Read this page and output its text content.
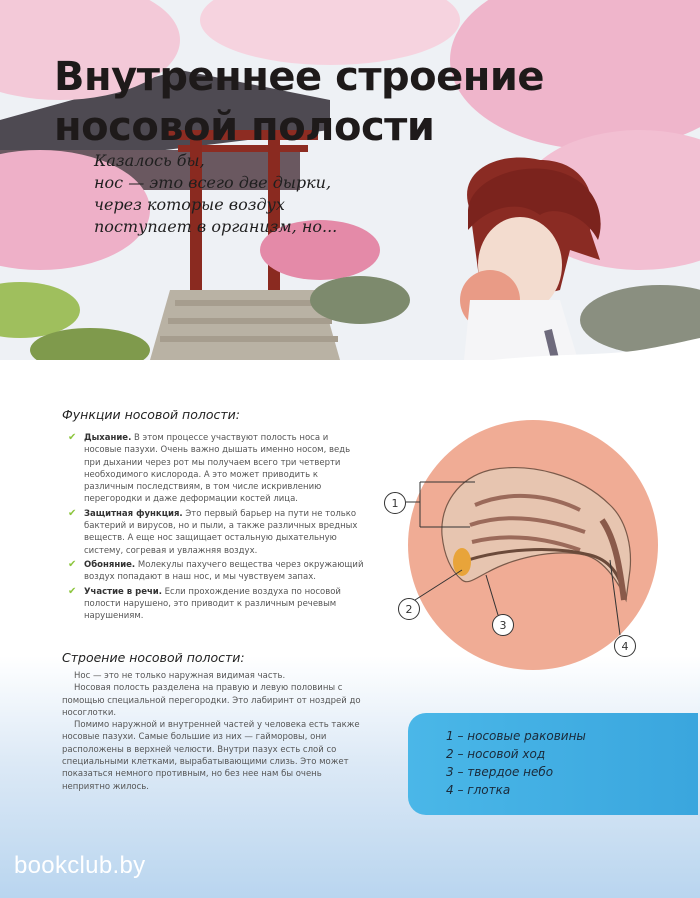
Внутреннее строение
носовой полости
Казалось бы,
нос — это всего две дырки,
через которые воздух
поступает в организм, но...
Функции носовой полости:
✔ Дыхание. В этом процессе участвуют полость носа и носовые пазухи. Очень важно дышать именно носом, ведь при дыхании через рот мы получаем всего три четверти необходимого кислорода. А это может приводить к различным последствиям, в том числе искривлению перегородки и даже деформации костей лица.
✔ Защитная функция. Это первый барьер на пути не только бактерий и вирусов, но и пыли, а также различных вредных веществ. А еще нос защищает остальную дыхательную систему, согревая и увлажняя воздух.
✔ Обоняние. Молекулы пахучего вещества через окружающий воздух попадают в наш нос, и мы чувствуем запах.
✔ Участие в речи. Если прохождение воздуха по носовой полости нарушено, это приводит к различным речевым нарушениям.
Строение носовой полости:

Нос — это не только наружная видимая часть.

Носовая полость разделена на правую и левую половины с помощью специальной перегородки. Это лабиринт от ноздрей до носоглотки.

Помимо наружной и внутренней частей у человека есть также носовые пазухи. Самые большие из них — гайморовы, они расположены в верхней челюсти. Внутри пазух есть слой со специальными клетками, вырабатывающими слизь. Это может показаться немного противным, но без нее нам бы очень неприятно жилось.

1
2
3
4
1 – носовые раковины
2 – носовой ход
3 – твердое небо
4 – глотка
bookclub.by
